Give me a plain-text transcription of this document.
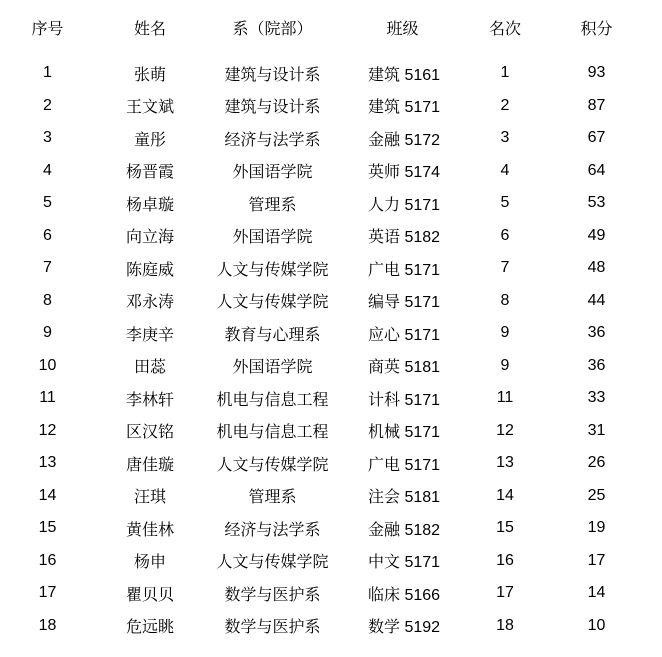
序号	姓名	系（院部）	班级	名次	积分
1	张萌	建筑与设计系	建筑 5161	1	93
2	王文斌	建筑与设计系	建筑 5171	2	87
3	童彤	经济与法学系	金融 5172	3	67
4	杨晋霞	外国语学院	英师 5174	4	64
5	杨卓璇	管理系	人力 5171	5	53
6	向立海	外国语学院	英语 5182	6	49
7	陈庭威	人文与传媒学院	广电 5171	7	48
8	邓永涛	人文与传媒学院	编导 5171	8	44
9	李庚辛	教育与心理系	应心 5171	9	36
10	田蕊	外国语学院	商英 5181	9	36
11	李林轩	机电与信息工程	计科 5171	11	33
12	区汉铭	机电与信息工程	机械 5171	12	31
13	唐佳璇	人文与传媒学院	广电 5171	13	26
14	汪琪	管理系	注会 5181	14	25
15	黄佳林	经济与法学系	金融 5182	15	19
16	杨申	人文与传媒学院	中文 5171	16	17
17	瞿贝贝	数学与医护系	临床 5166	17	14
18	危远眺	数学与医护系	数学 5192	18	10
